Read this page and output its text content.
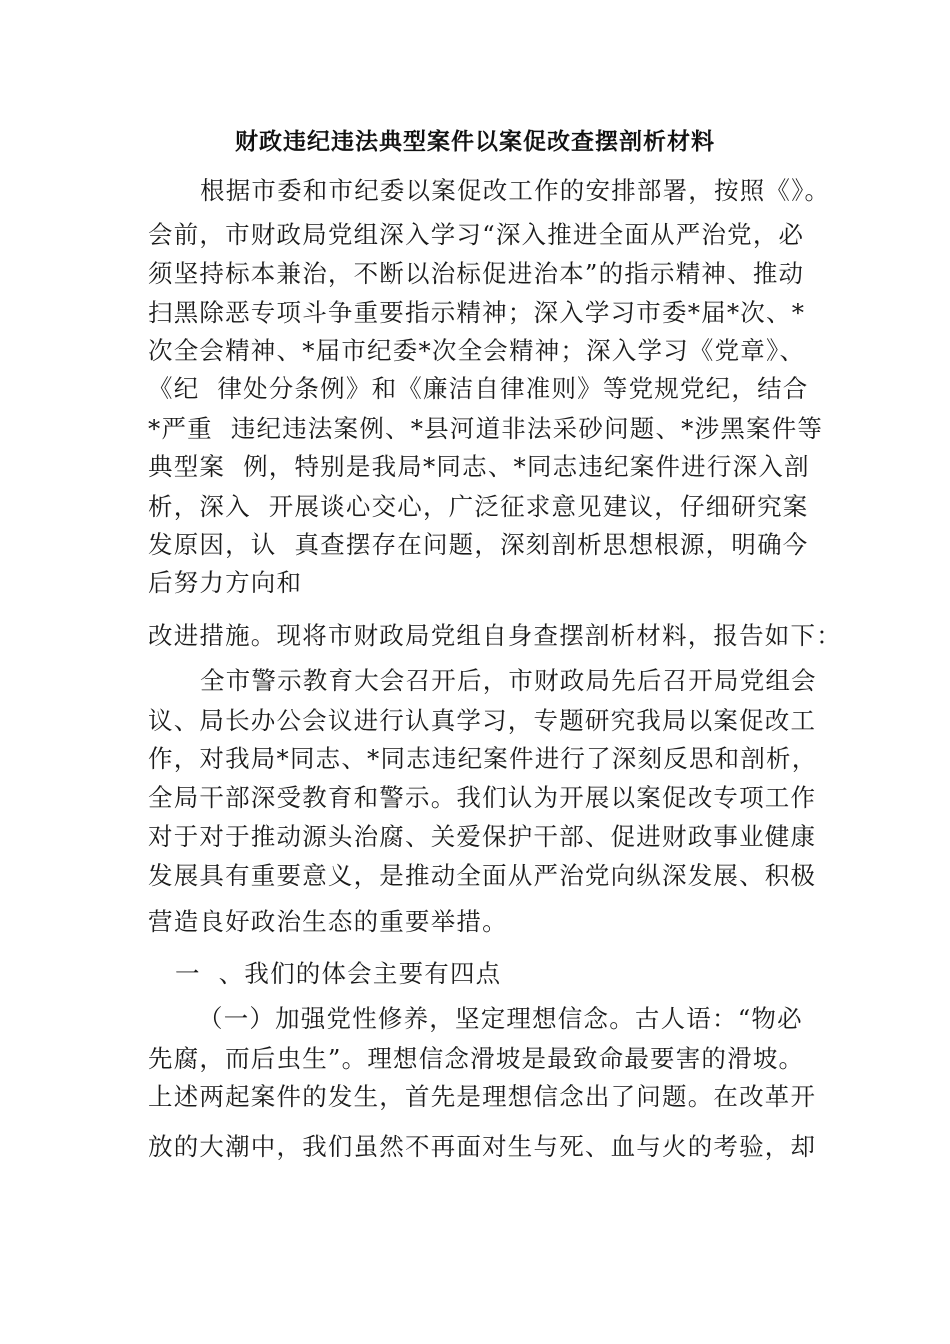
财政违纪违法典型案件以案促改查摆剖析材料
根据市委和市纪委以案促改工作的安排部署，按照《》。
会前，市财政局党组深入学习“深入推进全面从严治党，必
须坚持标本兼治，不断以治标促进治本”的指示精神、推动
扫黑除恶专项斗争重要指示精神；深入学习市委*届*次、*
次全会精神、*届市纪委*次全会精神；深入学习《党章》、
《纪  律处分条例》和《廉洁自律准则》等党规党纪，结合
*严重  违纪违法案例、*县河道非法采砂问题、*涉黑案件等
典型案  例，特别是我局*同志、*同志违纪案件进行深入剖
析，深入  开展谈心交心，广泛征求意见建议，仔细研究案
发原因，认  真查摆存在问题，深刻剖析思想根源，明确今
后努力方向和
改进措施。现将市财政局党组自身查摆剖析材料，报告如下：
全市警示教育大会召开后，市财政局先后召开局党组会
议、局长办公会议进行认真学习，专题研究我局以案促改工
作，对我局*同志、*同志违纪案件进行了深刻反思和剖析，
全局干部深受教育和警示。我们认为开展以案促改专项工作
对于对于推动源头治腐、关爱保护干部、促进财政事业健康
发展具有重要意义，是推动全面从严治党向纵深发展、积极
营造良好政治生态的重要举措。
一  、我们的体会主要有四点
（一）加强党性修养，坚定理想信念。古人语：“物必
先腐，而后虫生”。理想信念滑坡是最致命最要害的滑坡。
上述两起案件的发生，首先是理想信念出了问题。在改革开
放的大潮中，我们虽然不再面对生与死、血与火的考验，却
